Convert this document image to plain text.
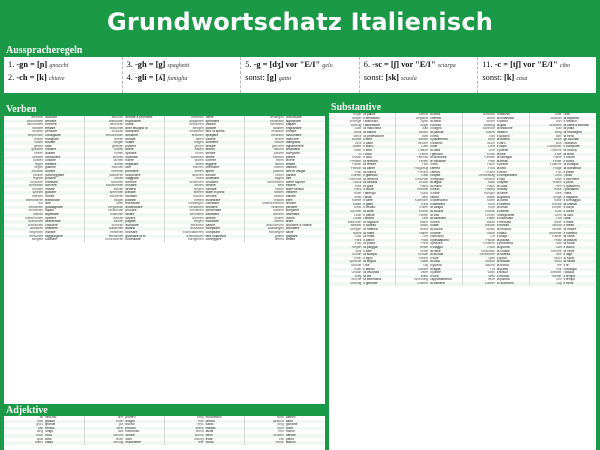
Grundwortschatz Italienisch
Ausspracheregeln
1. -gn = [ɲ] gnocchi
2. -ch = [k] chiave
3. -gh = [g] spaghetti
4. -gli = [ʎ] famiglia
5. -g = [dʒ] vor "E/I" gelo
sonst: [g] gatto
6. -sc = [ʃ] vor "E/I" sciarpa
sonst: [sk] scuola
11. -c = [tʃ] vor "E/I" cibo
sonst: [k] casa
Verben
arbeiten	lavorare	abholen	andare a prendere	anbieten	offrire	anfangen	cominciare
ankommen	arrivare	antworten	rispondere	ausgeben	spendere	bedeuten	significare
bekommen	ricevere	benutzen	usare	besuchen	visitare	bezahlen	pagare
bleiben	restare	brauchen	aver bisogno di	bringen	portare	danken	ringraziare
denken	pensare	drucken	stampare	einkaufen	fare la spesa	einladen	invitare
empfehlen	consigliare	entscheiden	decidere	erklären	spiegare	erzählen	raccontare
essen	mangiare	fahren	andare	fallen	cadere	fehlen	mancare
finden	trovare	fliegen	volare	fragen	chiedere	freuen	rallegrarsi
geben	dare	gefallen	piacere	gehen	andare	gehören	appartenere
glauben	credere	haben	avere	halten	tenere	heißen	chiamarsi
helfen	aiutare	hoffen	sperare	hören	sentire	kaufen	comprare
kennen	conoscere	kochen	cucinare	kommen	venire	können	potere
kosten	costare	lachen	ridere	laufen	correre	leben	vivere
legen	mettere	lernen	imparare	lesen	leggere	lieben	amare
liegen	giacere	machen	fare	meinen	intendere	mieten	affittare
müssen	dovere	nehmen	prendere	öffnen	aprire	packen	fare le valigie
parken	parcheggiare	passieren	succedere	rauchen	fumare	reden	parlare
regnen	piovere	reisen	viaggiare	rufen	chiamare	sagen	dire
schicken	mandare	schlafen	dormire	schließen	chiudere	schmecken	avere sapore
schreiben	scrivere	schwimmen	nuotare	sehen	vedere	sein	essere
senden	inviare	setzen	sedersi	singen	cantare	sitzen	stare seduto
spielen	giocare	sprechen	parlare	stehen	stare in piedi	stellen	mettere
sterben	morire	studieren	studiare	suchen	cercare	tanzen	ballare
telefonieren	telefonare	tragen	portare	treffen	incontrare	trinken	bere
tun	fare	üben	esercitare	umsteigen	cambiare	unterschreiben	firmare
verdienen	guadagnare	vergessen	dimenticare	verkaufen	vendere	verlieren	perdere
verstehen	capire	versuchen	provare	vorstellen	presentare	wählen	scegliere
warten	aspettare	waschen	lavare	wechseln	cambiare	werden	diventare
wiederholen	ripetere	wissen	sapere	wohnen	abitare	wollen	volere
wünschen	desiderare	zahlen	pagare	zeigen	mostrare	ziehen	tirare
zumachen	chiudere	zuhören	ascoltare	abfahren	partire	abschließen	chiudere a chiave
aufhören	smettere	aufstehen	alzarsi	ausfüllen	compilare	aussteigen	scendere
beginnen	iniziare	bestellen	ordinare	buchstabieren	compitare	einsteigen	salire
erreichen	raggiungere	fernsehen	guardare la tv	frühstücken	fare colazione	grillen	grigliare
klingeln	suonare	kontrollieren	controllare	korrigieren	correggere	lieben	amare
Substantive
Angst	la paura	Abend	la sera	Adresse	l'indirizzo	Alter	l'età
Ampel	il semaforo	Angebot	l'offerta	Anruf	la chiamata	Antwort	la risposta
Anzeige	l'annuncio	Apfel	la mela	Arbeit	il lavoro	Arzt	il medico
Aufzug	l'ascensore	Auge	l'occhio	Ausflug	la gita	Ausweis	la carta d'identità
Auto	la macchina	Bad	il bagno	Bahnhof	la stazione	Ball	la palla
Bank	la banca	Bauch	la pancia	Baum	l'albero	Berg	la montagna
Beruf	la professione	Bett	il letto	Bild	il quadro	Bier	la birra
Blume	il fiore	Boden	il pavimento	Brief	la lettera	Brille	gli occhiali
Brot	il pane	Bruder	il fratello	Buch	il libro	Bus	l'autobus
Butter	il burro	Café	il bar	Chef	il capo	Computer	il computer
Dach	il tetto	Datum	la data	Dorf	il paese	Dusche	la doccia
Ei	l'uovo	Eltern	i genitori	Ende	la fine	Erde	la terra
Essen	il cibo	Fahrrad	la bicicletta	Familie	la famiglia	Farbe	il colore
Fenster	la finestra	Ferien	le vacanze	Fest	la festa	Feuer	il fuoco
Fieber	la febbre	Film	il film	Fisch	il pesce	Flasche	la bottiglia
Fleisch	la carne	Flugzeug	l'aereo	Foto	la foto	Frage	la domanda
Frau	la donna	Freund	l'amico	Frucht	il frutto	Fuß	il piede
Garten	il giardino	Gast	l'ospite	Geburtstag	il compleanno	Geld	i soldi
Gemüse	la verdura	Geschäft	il negozio	Gesicht	il viso	Glas	il bicchiere
Glück	la fortuna	Größe	la taglia	Haar	i capelli	Hafen	il porto
Hals	la gola	Hand	la mano	Haus	la casa	Heft	il quaderno
Herz	il cuore	Himmel	il cielo	Hobby	l'hobby	Hose	i pantaloni
Hotel	l'albergo	Hund	il cane	Hunger	la fame	Idee	l'idea
Insel	l'isola	Jahr	l'anno	Jacke	la giacca	Junge	il ragazzo
Kaffee	il caffè	Kalender	il calendario	Karte	la carta	Käse	il formaggio
Katze	il gatto	Kind	il bambino	Kino	il cinema	Kirche	la chiesa
Kleid	il vestito	Koffer	la valigia	Kopf	la testa	Körper	il corpo
Kuchen	la torta	Küche	la cucina	Kunde	il cliente	Kurs	il corso
Land	il paese	Leben	la vita	Lehrer	l'insegnante	Licht	la luce
Liebe	l'amore	Lied	la canzone	Löffel	il cucchiaio	Luft	l'aria
Mädchen	la ragazza	Mann	l'uomo	Markt	il mercato	Meer	il mare
Messer	il coltello	Milch	il latte	Minute	il minuto	Monat	il mese
Morgen	la mattina	Mund	la bocca	Musik	la musica	Mutter	la madre
Nacht	la notte	Name	il nome	Nase	il naso	Nummer	il numero
Obst	la frutta	Ohr	l'orecchio	Ort	il luogo	Papier	la carta
Park	il parco	Pass	il passaporto	Pause	la pausa	Platz	la piazza
Post	la posta	Preis	il prezzo	Problem	il problema	Rad	la ruota
Regen	la pioggia	Reise	il viaggio	Rock	la gonna	Saft	il succo
Salz	il sale	Schiff	la nave	Schlüssel	la chiave	Schnee	la neve
Schuh	la scarpa	Schule	la scuola	Schwester	la sorella	See	il lago
Sohn	il figlio	Sonne	il sole	Spiel	il gioco	Sport	lo sport
Sprache	la lingua	Stadt	la città	Straße	la strada	Stuhl	la sedia
Stunde	l'ora	Tag	il giorno	Tasche	la borsa	Tee	il tè
Tisch	il tavolo	Tochter	la figlia	Tür	la porta	Uhr	l'orologio
Urlaub	la vacanza	Vater	il padre	Wald	il bosco	Wasser	l'acqua
Weg	la via	Wein	il vino	Welt	il mondo	Wetter	il tempo
Woche	la settimana	Wohnung	l'appartamento	Wort	la parola	Zeit	il tempo
Zeitung	il giornale	Zimmer	la camera	Zucker	lo zucchero	Zug	il treno
Adjektive
alt	vecchio	arm	povero	billig	economico	böse	cattivo
dick	grasso	dünn	magro	früh	presto	gesund	sano
groß	grande	gut	buono	heiß	caldo	jung	giovane
kalt	freddo	klein	piccolo	krank	malato	kurz	corto
lang	lungo	laut	rumoroso	leicht	facile	neu	nuovo
reich	ricco	schnell	veloce	schön	bello	schwer	difficile
spät	tardi	teuer	caro	traurig	triste	voll	pieno
warm	caldo	wichtig	importante	leer	vuoto	müde	stanco
